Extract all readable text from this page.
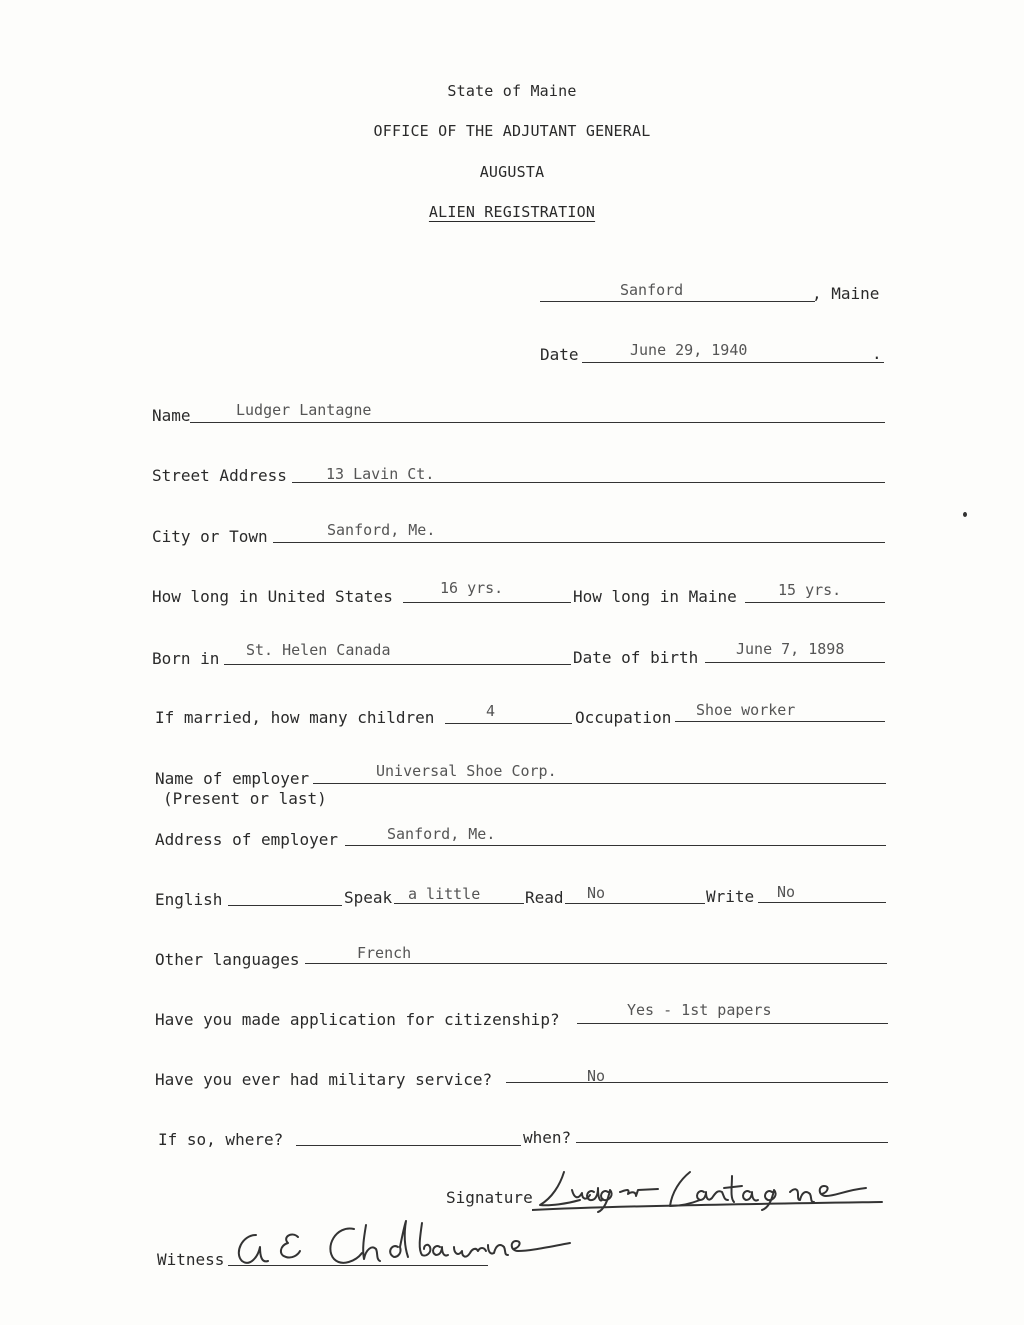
State of Maine
OFFICE OF THE ADJUTANT GENERAL
AUGUSTA
ALIEN REGISTRATION
Sanford	, Maine
Date	June 29, 1940	.
Name	Ludger Lantagne
Street Address	13 Lavin Ct.
City or Town	Sanford, Me.
How long in United States	16 yrs.	How long in Maine	15 yrs.
Born in St. Helen Canada	Date of birth	June 7, 1898
If married, how many children	4	Occupation Shoe worker
Name of employer
(Present or last)
Universal Shoe Corp.
Address of employer	Sanford, Me.
English	Speak a little	Read No	Write No
Other languages	French
Have you made application for citizenship?	Yes - 1st papers
Have you ever had military service?	No
If so, where?	when?
Signature
Witness
